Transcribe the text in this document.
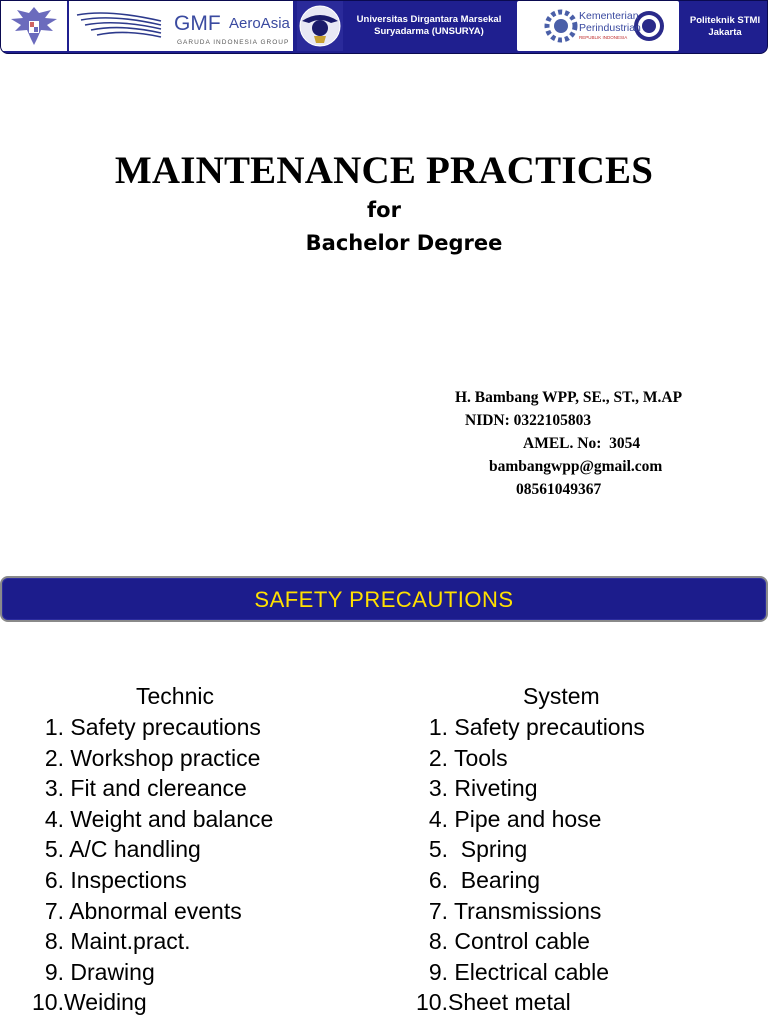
GMF AeroAsia
GARUDA INDONESIA GROUP
Universitas Dirgantara Marsekal
Suryadarma (UNSURYA)
Kementerian
Perindustrian
REPUBLIK INDONESIA
Politeknik STMI
Jakarta
MAINTENANCE PRACTICES
for
Bachelor Degree
H. Bambang WPP, SE., ST., M.AP
NIDN: 0322105803
AMEL. No:  3054
bambangwpp@gmail.com
08561049367
SAFETY PRECAUTIONS
Technic	System
1. Safety precautions
2. Workshop practice
3. Fit and clereance
4. Weight and balance
5. A/C handling
6. Inspections
7. Abnormal events
8. Maint.pract.
9. Drawing
10.Weiding
1. Safety precautions
2. Tools
3. Riveting
4. Pipe and hose
5.  Spring
6.  Bearing
7. Transmissions
8. Control cable
9. Electrical cable
10.Sheet metal
